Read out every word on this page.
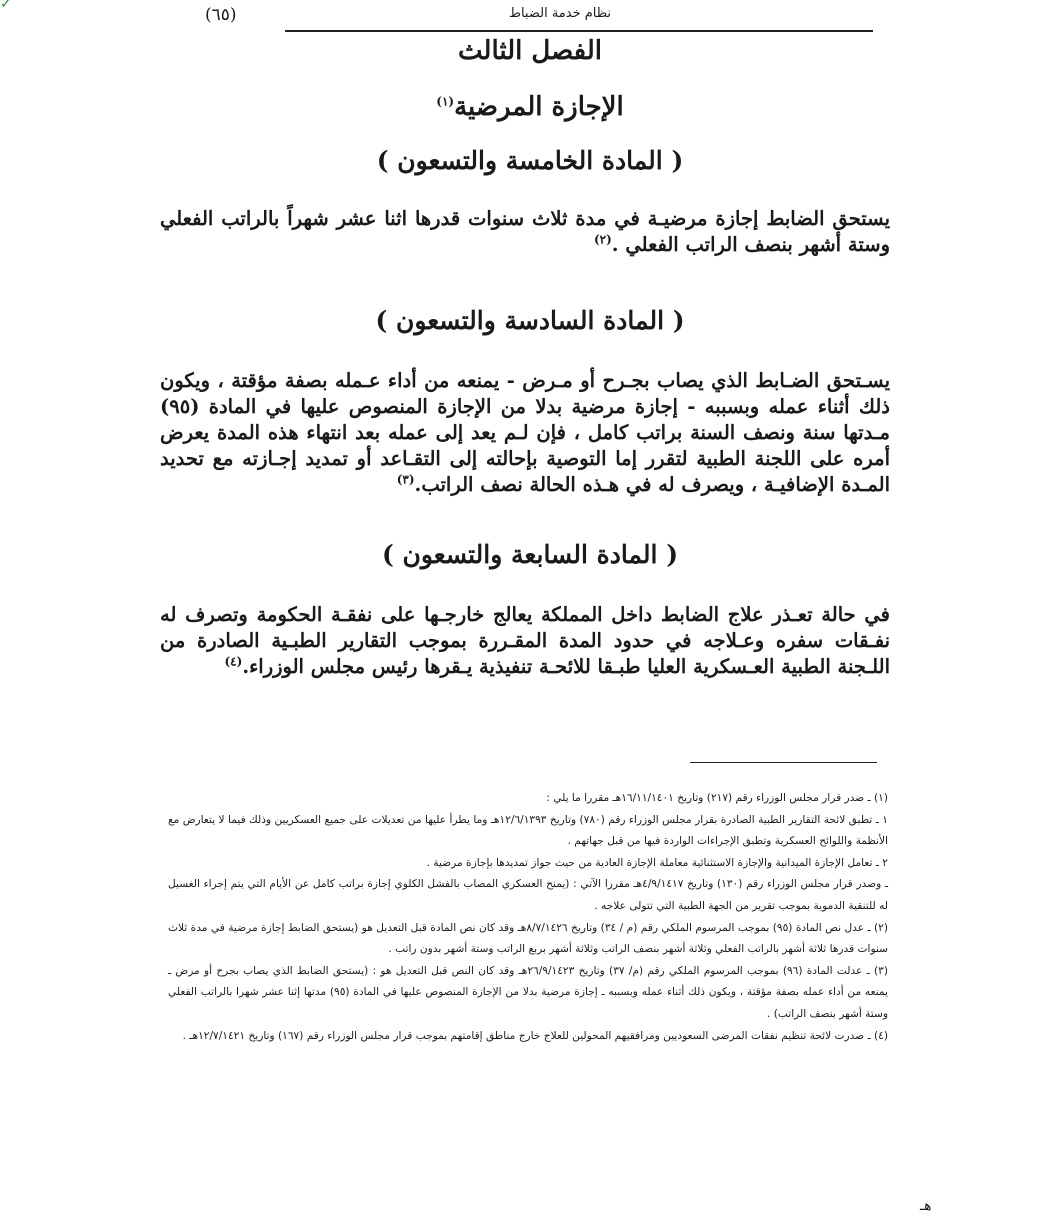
✓
(٦٥)	نظام خدمة الضباط
الفصل الثالث
الإجازة المرضية$^{(١)}$
( المادة الخامسة والتسعون )
يستحق الضابط إجازة مرضيـة في مدة ثلاث سنوات قدرها اثنا عشر شهراً بالراتب الفعلي وستة أشهر بنصف الراتب الفعلي .$^{(٢)}$
( المادة السادسة والتسعون )
يسـتحق الضـابط الذي يصاب بجـرح أو مـرض - يمنعه من أداء عـمله بصفة مؤقتة ، ويكون ذلك أثناء عمله وبسببه - إجازة مرضية بدلا من الإجازة المنصوص عليها في المادة (٩٥) مـدتها سنة ونصف السنة براتب كامل ، فإن لـم يعد إلى عمله بعد انتهاء هذه المدة يعرض أمره على اللجنة الطبية لتقرر إما التوصية بإحالته إلى التقـاعد أو تمديد إجـازته مع تحديد المـدة الإضافيـة ، ويصرف له في هـذه الحالة نصف الراتب.$^{(٣)}$
( المادة السابعة والتسعون )
في حالة تعـذر علاج الضابط داخل المملكة يعالج خارجـها على نفقـة الحكومة وتصرف له نفـقات سفره وعـلاجه في حدود المدة المقـررة بموجب التقارير الطبـية الصادرة من اللـجنة الطبية العـسكرية العليا طبـقا للائحـة تنفيذية يـقرها رئيس مجلس الوزراء.$^{(٤)}$

(١) ـ صدر قرار مجلس الوزراء رقم (٢١٧) وتاريخ ١٦/١١/١٤٠١هـ مقررا ما يلي :

١ ـ تطبق لائحة التقارير الطبية الصادرة بقرار مجلس الوزراء رقم (٧٨٠) وتاريخ ١٢/٦/١٣٩٣هـ وما يطرأ عليها من تعديلات على جميع العسكريين وذلك فيما لا يتعارض مع الأنظمة واللوائح العسكرية وتطبق الإجراءات الواردة فيها من قبل جهاتهم .

٢ ـ تعامل الإجازة الميدانية والإجازة الاستثنائية معاملة الإجازة العادية من حيث جواز تمديدها بإجازة مرضية .

ـ وصدر قرار مجلس الوزراء رقم (١٣٠) وتاريخ ٤/٩/١٤١٧هـ مقررا الآتي : (يمنح العسكري المصاب بالفشل الكلوي إجازة براتب كامل عن الأيام التي يتم إجراء الغسيل له للتنقية الدموية بموجب تقرير من الجهة الطبية التي تتولى علاجه .

(٢) ـ عدل نص المادة (٩٥) بموجب المرسوم الملكي رقم (م / ٣٤) وتاريخ ٨/٧/١٤٢٦هـ وقد كان نص المادة قبل التعديل هو (يستحق الضابط إجازة مرضية في مدة ثلاث سنوات قدرها ثلاثة أشهر بالراتب الفعلي وثلاثة أشهر بنصف الراتب وثلاثة أشهر بربع الراتب وستة أشهر بدون راتب .

(٣) ـ عدلت المادة (٩٦) بموجب المرسوم الملكي رقم (م/ ٣٧) وتاريخ ٢٦/٩/١٤٢٣هـ وقد كان النص قبل التعديل هو : (يستحق الضابط الذي يصاب بجرح أو مرض ـ يمنعه من أداء عمله بصفة مؤقتة ، ويكون ذلك أثناء عمله وبسببه ـ إجازة مرضية بدلا من الإجازة المنصوص عليها في المادة (٩٥) مدتها إثنا عشر شهرا بالراتب الفعلي وستة أشهر بنصف الراتب) .

(٤) ـ صدرت لائحة تنظيم نفقات المرضى السعوديين ومرافقيهم المحولين للعلاج خارج مناطق إقامتهم بموجب قرار مجلس الوزراء رقم (١٦٧) وتاريخ ١٢/٧/١٤٢١هـ .

هـ
